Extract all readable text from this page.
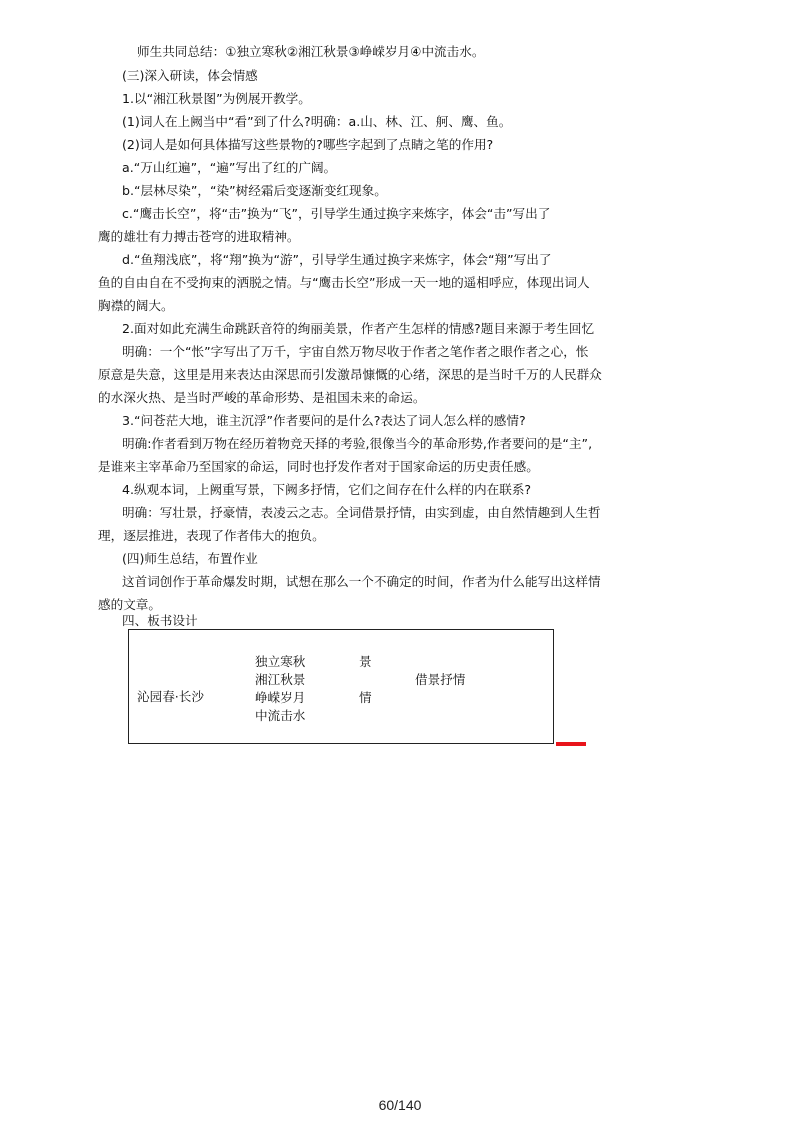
师生共同总结：①独立寒秋②湘江秋景③峥嵘岁月④中流击水。
(三)深入研读，体会情感
1.以“湘江秋景图”为例展开教学。
(1)词人在上阙当中“看”到了什么?明确：a.山、林、江、舸、鹰、鱼。
(2)词人是如何具体描写这些景物的?哪些字起到了点睛之笔的作用?
a.“万山红遍”，“遍”写出了红的广阔。
b.“层林尽染”，“染”树经霜后变逐渐变红现象。
c.“鹰击长空”，将“击”换为“飞”，引导学生通过换字来炼字，体会“击”写出了
鹰的雄壮有力搏击苍穹的进取精神。
d.“鱼翔浅底”，将“翔”换为“游”，引导学生通过换字来炼字，体会“翔”写出了
鱼的自由自在不受拘束的洒脱之情。与“鹰击长空”形成一天一地的遥相呼应，体现出词人
胸襟的阔大。
2.面对如此充满生命跳跃音符的绚丽美景，作者产生怎样的情感?题目来源于考生回忆
明确：一个“怅”字写出了万千，宇宙自然万物尽收于作者之笔作者之眼作者之心，怅
原意是失意，这里是用来表达由深思而引发激昂慷慨的心绪，深思的是当时千万的人民群众
的水深火热、是当时严峻的革命形势、是祖国未来的命运。
3.“问苍茫大地，谁主沉浮”作者要问的是什么?表达了词人怎么样的感情?
明确:作者看到万物在经历着物竞天择的考验,很像当今的革命形势,作者要问的是“主”,
是谁来主宰革命乃至国家的命运，同时也抒发作者对于国家命运的历史责任感。
4.纵观本词，上阙重写景，下阙多抒情，它们之间存在什么样的内在联系?
明确：写壮景，抒豪情，表凌云之志。全词借景抒情，由实到虚，由自然情趣到人生哲
理，逐层推进，表现了作者伟大的抱负。
(四)师生总结，布置作业
这首词创作于革命爆发时期，试想在那么一个不确定的时间，作者为什么能写出这样情
感的文章。
四、板书设计
沁园春·长沙
独立寒秋
湘江秋景
峥嵘岁月
中流击水
景
情
借景抒情
60/140
